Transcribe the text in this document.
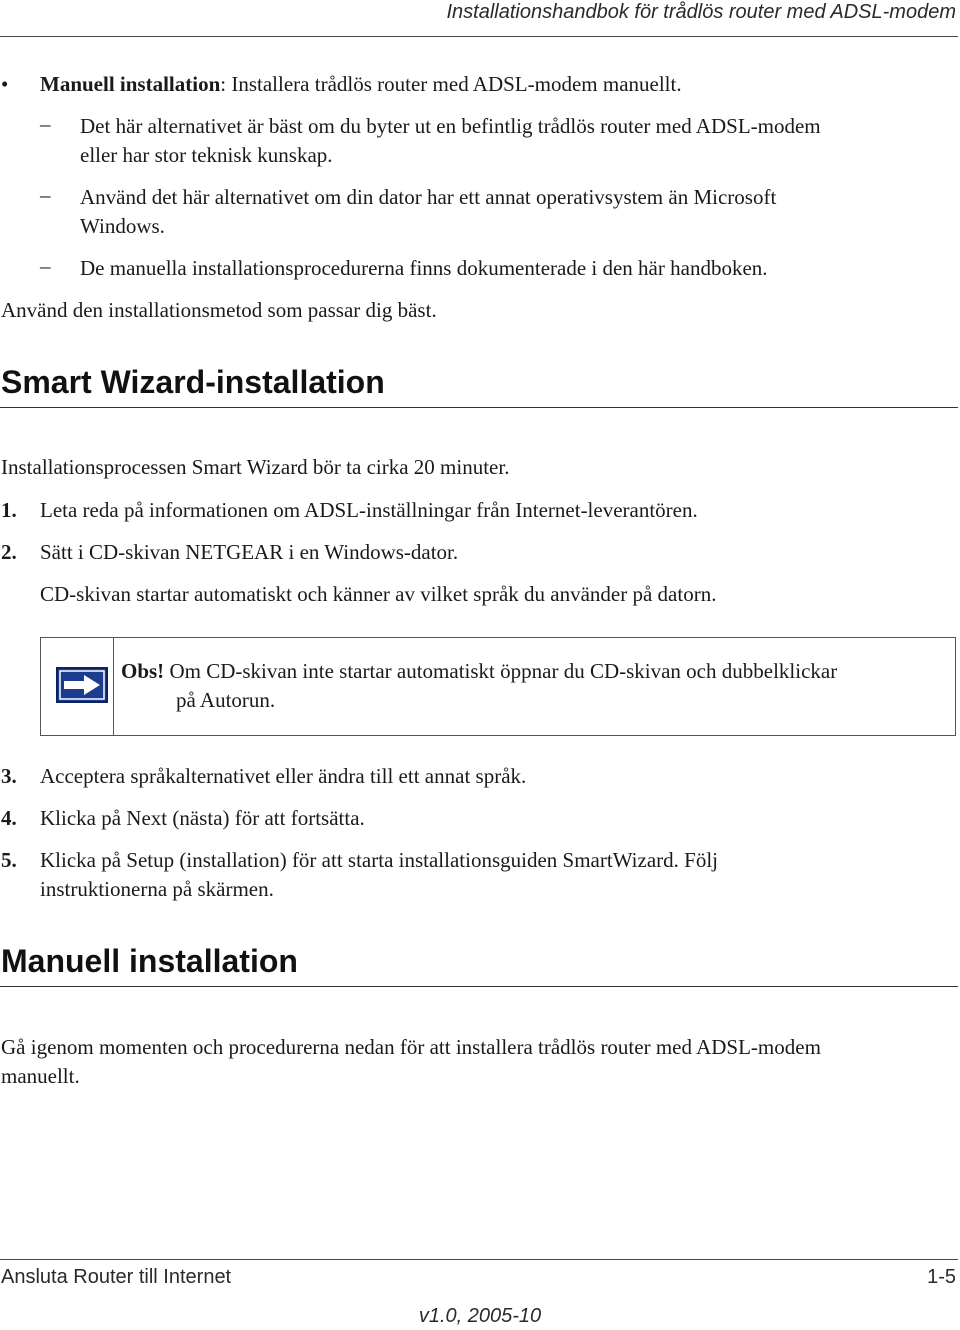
Installationshandbok för trådlös router med ADSL-modem
• Manuell installation: Installera trådlös router med ADSL-modem manuellt.
– Det här alternativet är bäst om du byter ut en befintlig trådlös router med ADSL-modem
eller har stor teknisk kunskap.
– Använd det här alternativet om din dator har ett annat operativsystem än Microsoft
Windows.
– De manuella installationsprocedurerna finns dokumenterade i den här handboken.
Använd den installationsmetod som passar dig bäst.
Smart Wizard-installation
Installationsprocessen Smart Wizard bör ta cirka 20 minuter.
1. Leta reda på informationen om ADSL-inställningar från Internet-leverantören.
2. Sätt i CD-skivan NETGEAR i en Windows-dator.
CD-skivan startar automatiskt och känner av vilket språk du använder på datorn.
Obs! Om CD-skivan inte startar automatiskt öppnar du CD-skivan och dubbelklickar
på Autorun.
3. Acceptera språkalternativet eller ändra till ett annat språk.
4. Klicka på Next (nästa) för att fortsätta.
5. Klicka på Setup (installation) för att starta installationsguiden SmartWizard. Följ
instruktionerna på skärmen.
Manuell installation
Gå igenom momenten och procedurerna nedan för att installera trådlös router med ADSL-modem
manuellt.
Ansluta Router till Internet	1-5
v1.0, 2005-10
